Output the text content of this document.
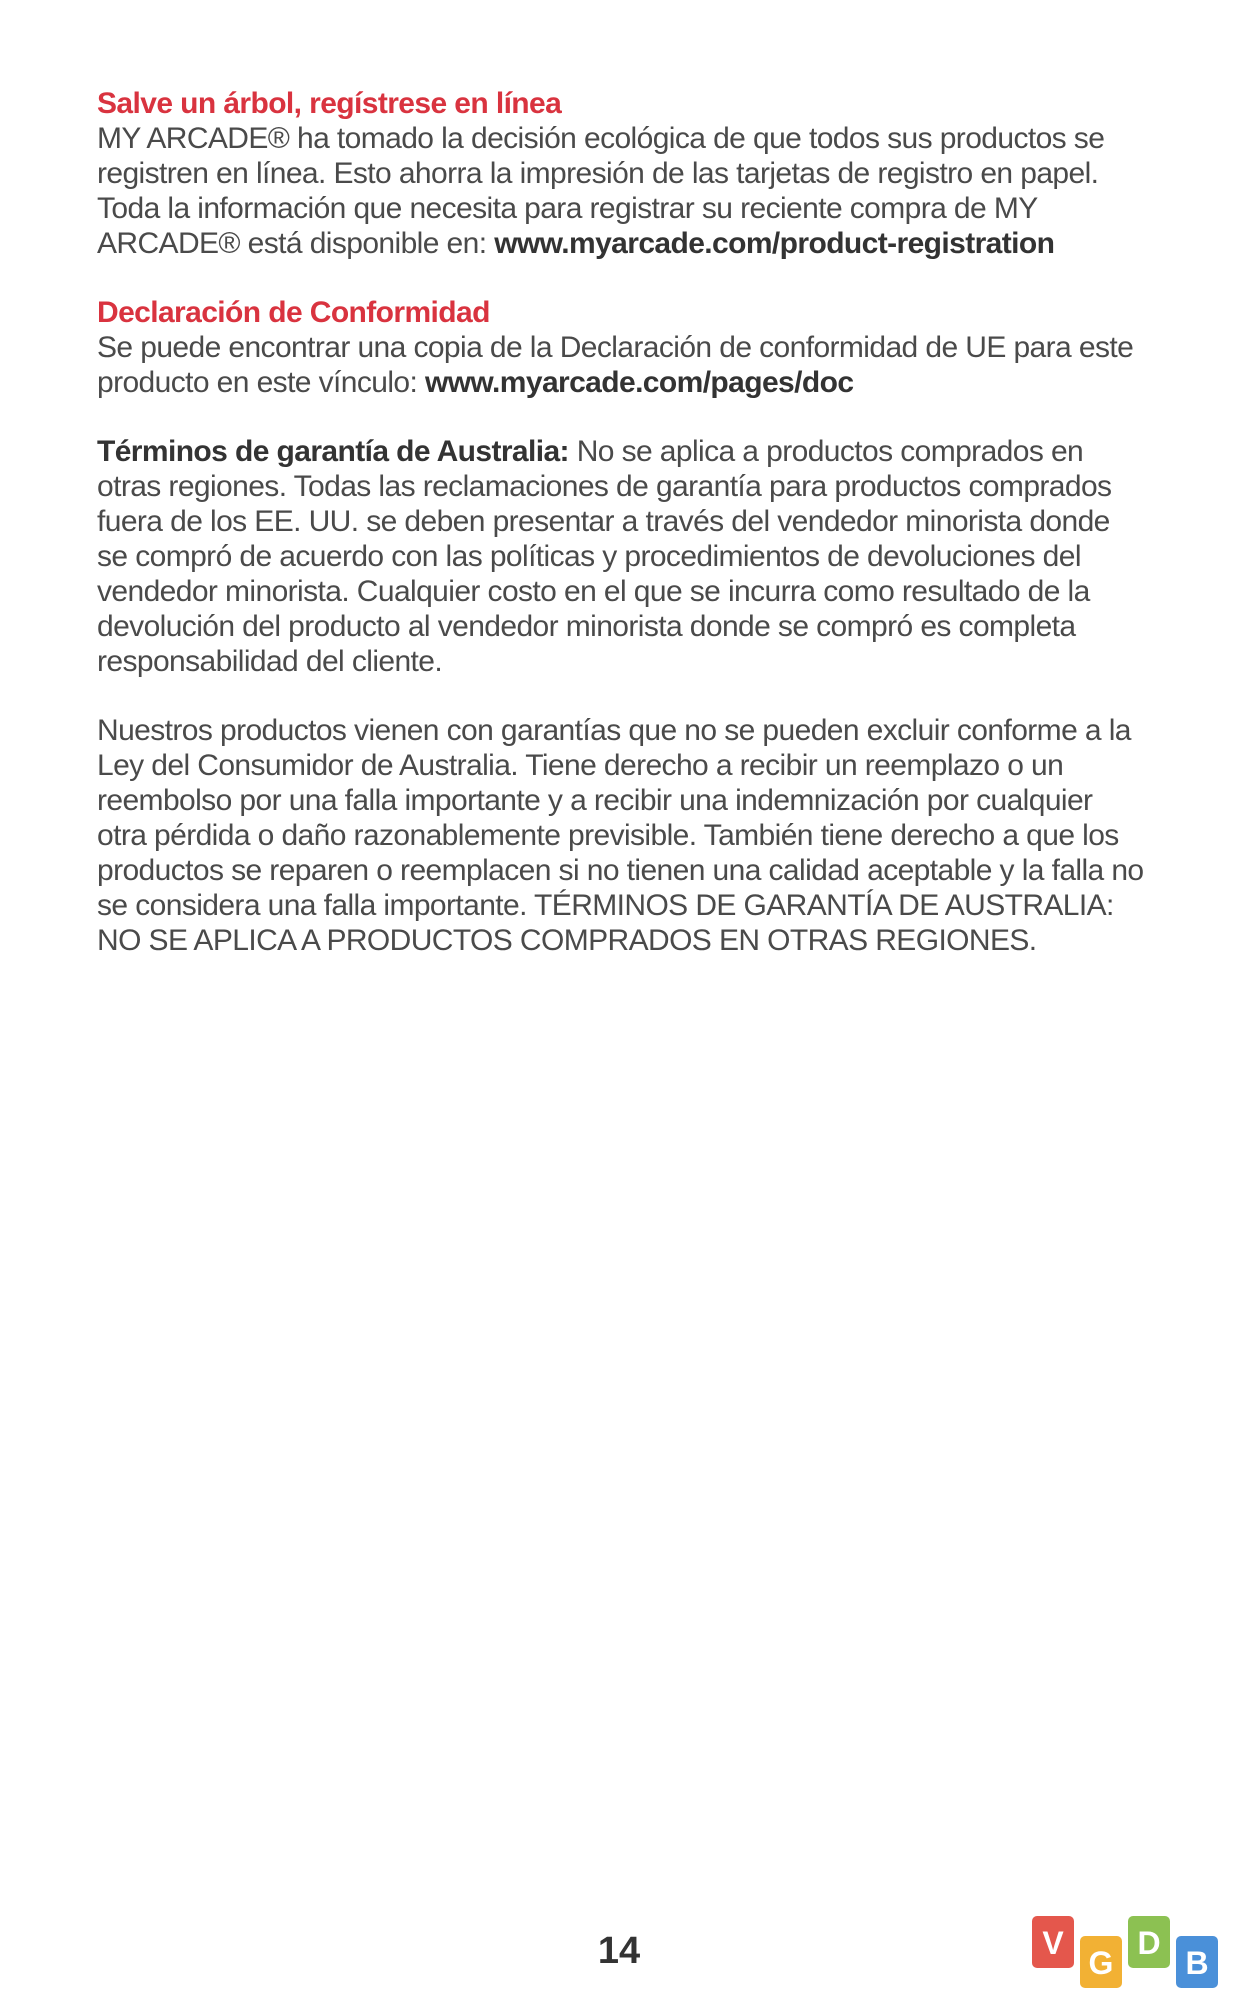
Salve un árbol, regístrese en línea

MY ARCADE® ha tomado la decisión ecológica de que todos sus productos se registren en línea. Esto ahorra la impresión de las tarjetas de registro en papel. Toda la información que necesita para registrar su reciente compra de MY ARCADE® está disponible en: www.myarcade.com/product-registration

Declaración de Conformidad

Se puede encontrar una copia de la Declaración de conformidad de UE para este producto en este vínculo: www.myarcade.com/pages/doc

Términos de garantía de Australia: No se aplica a productos comprados en otras regiones. Todas las reclamaciones de garantía para productos comprados fuera de los EE. UU. se deben presentar a través del vendedor minorista donde se compró de acuerdo con las políticas y procedimientos de devoluciones del vendedor minorista. Cualquier costo en el que se incurra como resultado de la devolución del producto al vendedor minorista donde se compró es completa responsabilidad del cliente.

Nuestros productos vienen con garantías que no se pueden excluir conforme a la Ley del Consumidor de Australia. Tiene derecho a recibir un reemplazo o un reembolso por una falla importante y a recibir una indemnización por cualquier otra pérdida o daño razonablemente previsible. También tiene derecho a que los productos se reparen o reemplacen si no tienen una calidad aceptable y la falla no se considera una falla importante. TÉRMINOS DE GARANTÍA DE AUSTRALIA: NO SE APLICA A PRODUCTOS COMPRADOS EN OTRAS REGIONES.

14	V
G
D
B
